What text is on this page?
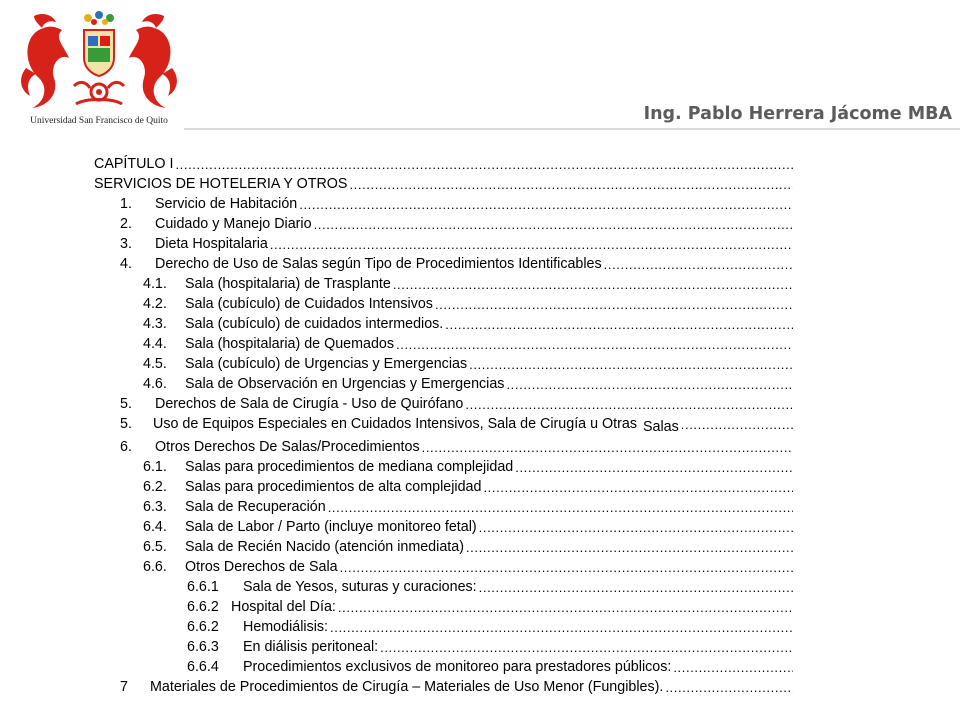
Universidad San Francisco de Quito	Ing. Pablo Herrera Jácome MBA
CAPÍTULO I
.....
SERVICIOS DE HOTELERIA Y OTROS
.....
1.	Servicio de Habitación
.....
2.	Cuidado y Manejo Diario
.....
3.	Dieta Hospitalaria
.....
4.	Derecho de Uso de Salas según Tipo de Procedimientos Identificables
.....
4.1.	Sala (hospitalaria) de Trasplante
.....
4.2.	Sala (cubículo) de Cuidados Intensivos
.....
4.3.	Sala (cubículo) de cuidados intermedios.
.....
4.4.	Sala (hospitalaria) de Quemados
.....
4.5.	Sala (cubículo) de Urgencias y Emergencias
.....
4.6.	Sala de Observación en Urgencias y Emergencias
.....
5.	Derechos de Sala de Cirugía - Uso de Quirófano
.....
5.	Uso de Equipos Especiales en Cuidados Intensivos, Sala de Cirugía u Otras Salas
.....
6.	Otros Derechos De Salas/Procedimientos
.....
6.1.	Salas para procedimientos de mediana complejidad
.....
6.2.	Salas para procedimientos de alta complejidad
.....
6.3.	Sala de Recuperación
.....
6.4.	Sala de Labor / Parto (incluye monitoreo fetal)
.....
6.5.	Sala de Recién Nacido (atención inmediata)
.....
6.6.	Otros Derechos de Sala
.....
6.6.1	Sala de Yesos, suturas y curaciones:
.....
6.6.2 Hospital del Día:
.....
6.6.2	Hemodiálisis:
.....
6.6.3	En diálisis peritoneal:
.....
6.6.4	Procedimientos exclusivos de monitoreo para prestadores públicos:
.....
7	Materiales de Procedimientos de Cirugía – Materiales de Uso Menor (Fungibles).
.....
